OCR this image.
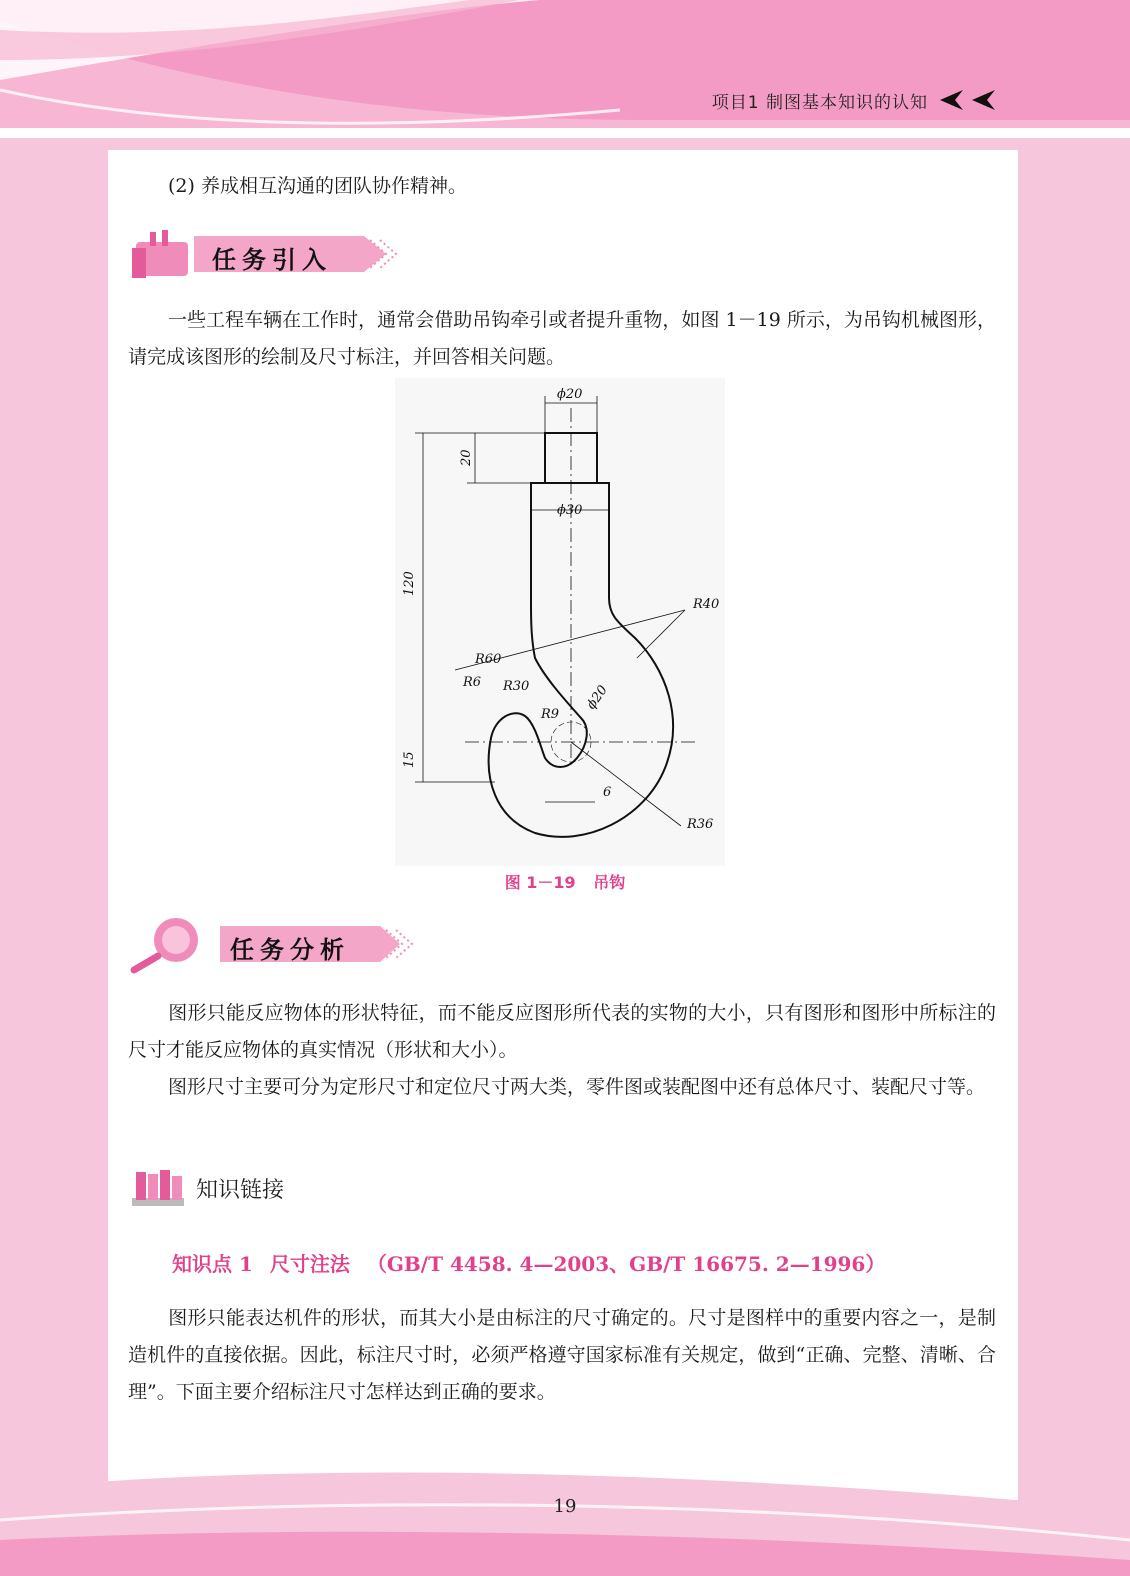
项目1 制图基本知识的认知
(2) 养成相互沟通的团队协作精神。
任务引入
一些工程车辆在工作时，通常会借助吊钩牵引或者提升重物，如图 1－19 所示，为吊钩机械图形，请完成该图形的绘制及尺寸标注，并回答相关问题。
ϕ20
ϕ30
20
120
15
R40
R60
R6 R30
R9
ϕ20
6
R36
图 1－19 吊钩
任务分析
图形只能反应物体的形状特征，而不能反应图形所代表的实物的大小，只有图形和图形中所标注的尺寸才能反应物体的真实情况（形状和大小）。
图形尺寸主要可分为定形尺寸和定位尺寸两大类，零件图或装配图中还有总体尺寸、装配尺寸等。
知识链接
知识点 1 尺寸注法 （GB/T 4458. 4—2003、GB/T 16675. 2—1996）
图形只能表达机件的形状，而其大小是由标注的尺寸确定的。尺寸是图样中的重要内容之一，是制造机件的直接依据。因此，标注尺寸时，必须严格遵守国家标准有关规定，做到“正确、完整、清晰、合理”。下面主要介绍标注尺寸怎样达到正确的要求。
19
